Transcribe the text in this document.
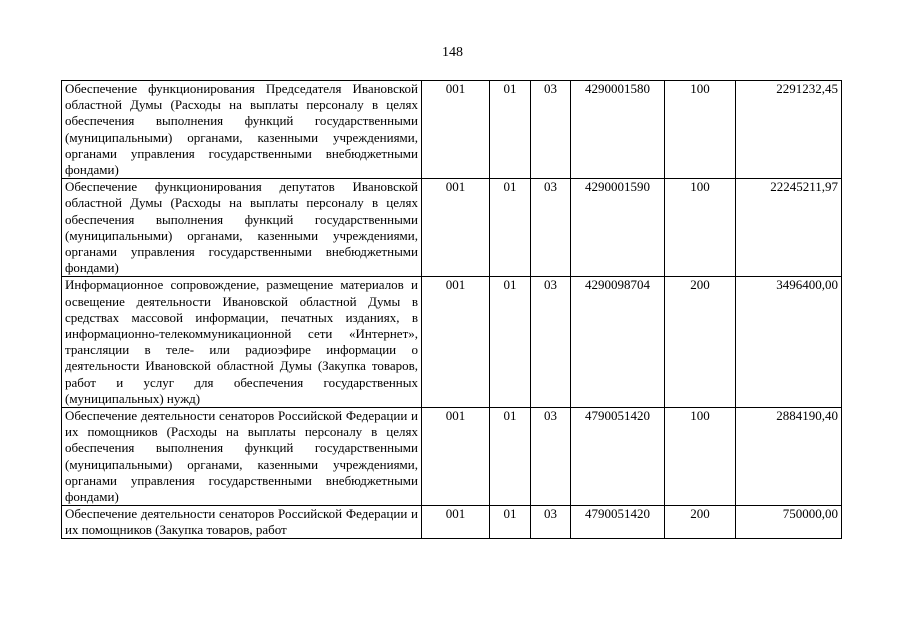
148
Обеспечение функционирования Председателя Ивановской областной Думы (Расходы на выплаты персоналу в целях обеспечения выполнения функций государственными (муниципальными) органами, казенными учреждениями, органами управления государственными внебюджетными фондами)	001	01	03	4290001580	100	2291232,45
Обеспечение функционирования депутатов Ивановской областной Думы (Расходы на выплаты персоналу в целях обеспечения выполнения функций государственными (муниципальными) органами, казенными учреждениями, органами управления государственными внебюджетными фондами)	001	01	03	4290001590	100	22245211,97
Информационное сопровождение, размещение материалов и освещение деятельности Ивановской областной Думы в средствах массовой информации, печатных изданиях, в информационно-телекоммуникационной сети «Интернет», трансляции в теле- или радиоэфире информации о деятельности Ивановской областной Думы (Закупка товаров, работ и услуг для обеспечения государственных (муниципальных) нужд)	001	01	03	4290098704	200	3496400,00
Обеспечение деятельности сенаторов Российской Федерации и их помощников (Расходы на выплаты персоналу в целях обеспечения выполнения функций государственными (муниципальными) органами, казенными учреждениями, органами управления государственными внебюджетными фондами)	001	01	03	4790051420	100	2884190,40

Обеспечение деятельности сенаторов Российской Федерации и их помощников (Закупка товаров, работ	001	01	03	4790051420	200	750000,00
